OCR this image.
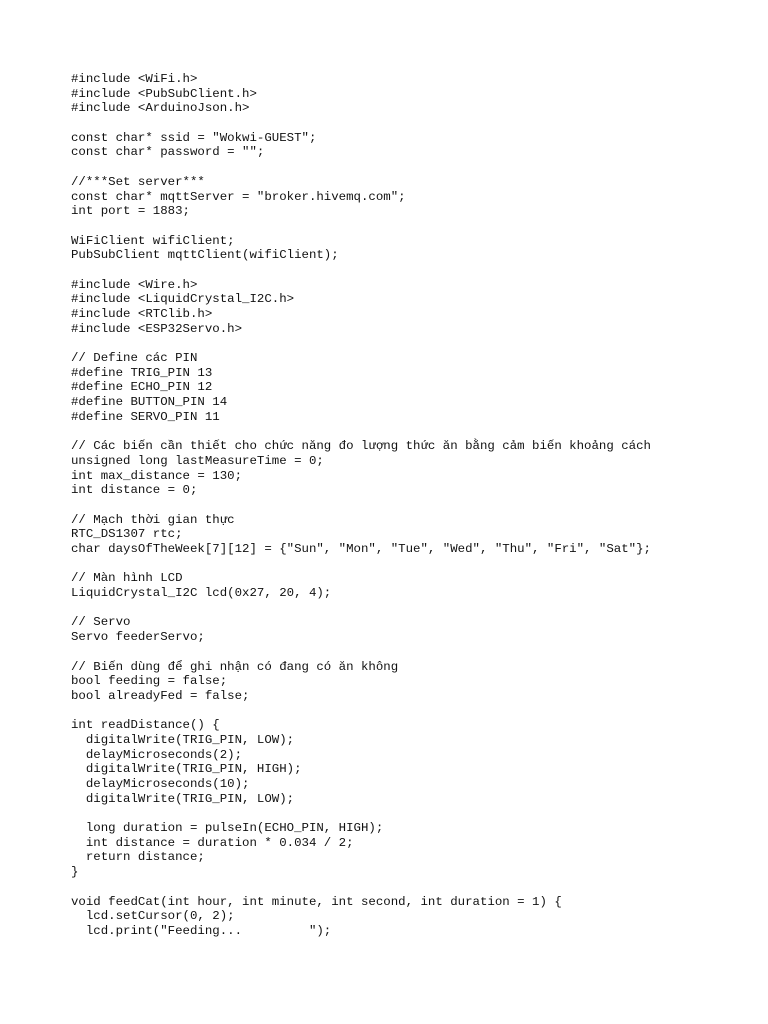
#include <WiFi.h>
#include <PubSubClient.h>
#include <ArduinoJson.h>
const char* ssid = "Wokwi-GUEST";
const char* password = "";
//***Set server***
const char* mqttServer = "broker.hivemq.com";
int port = 1883;
WiFiClient wifiClient;
PubSubClient mqttClient(wifiClient);
#include <Wire.h>
#include <LiquidCrystal_I2C.h>
#include <RTClib.h>
#include <ESP32Servo.h>
// Define các PIN
#define TRIG_PIN 13
#define ECHO_PIN 12
#define BUTTON_PIN 14
#define SERVO_PIN 11
// Các biến cần thiết cho chức năng đo lượng thức ăn bằng cảm biến khoảng cách
unsigned long lastMeasureTime = 0;
int max_distance = 130;
int distance = 0;
// Mạch thời gian thực
RTC_DS1307 rtc;
char daysOfTheWeek[7][12] = {"Sun", "Mon", "Tue", "Wed", "Thu", "Fri", "Sat"};
// Màn hình LCD
LiquidCrystal_I2C lcd(0x27, 20, 4);
// Servo
Servo feederServo;
// Biến dùng để ghi nhận có đang có ăn không
bool feeding = false;
bool alreadyFed = false;
int readDistance() {
digitalWrite(TRIG_PIN, LOW);
delayMicroseconds(2);
digitalWrite(TRIG_PIN, HIGH);
delayMicroseconds(10);
digitalWrite(TRIG_PIN, LOW);
long duration = pulseIn(ECHO_PIN, HIGH);
int distance = duration * 0.034 / 2;
return distance;
}
void feedCat(int hour, int minute, int second, int duration = 1) {
lcd.setCursor(0, 2);
lcd.print("Feeding...         ");
